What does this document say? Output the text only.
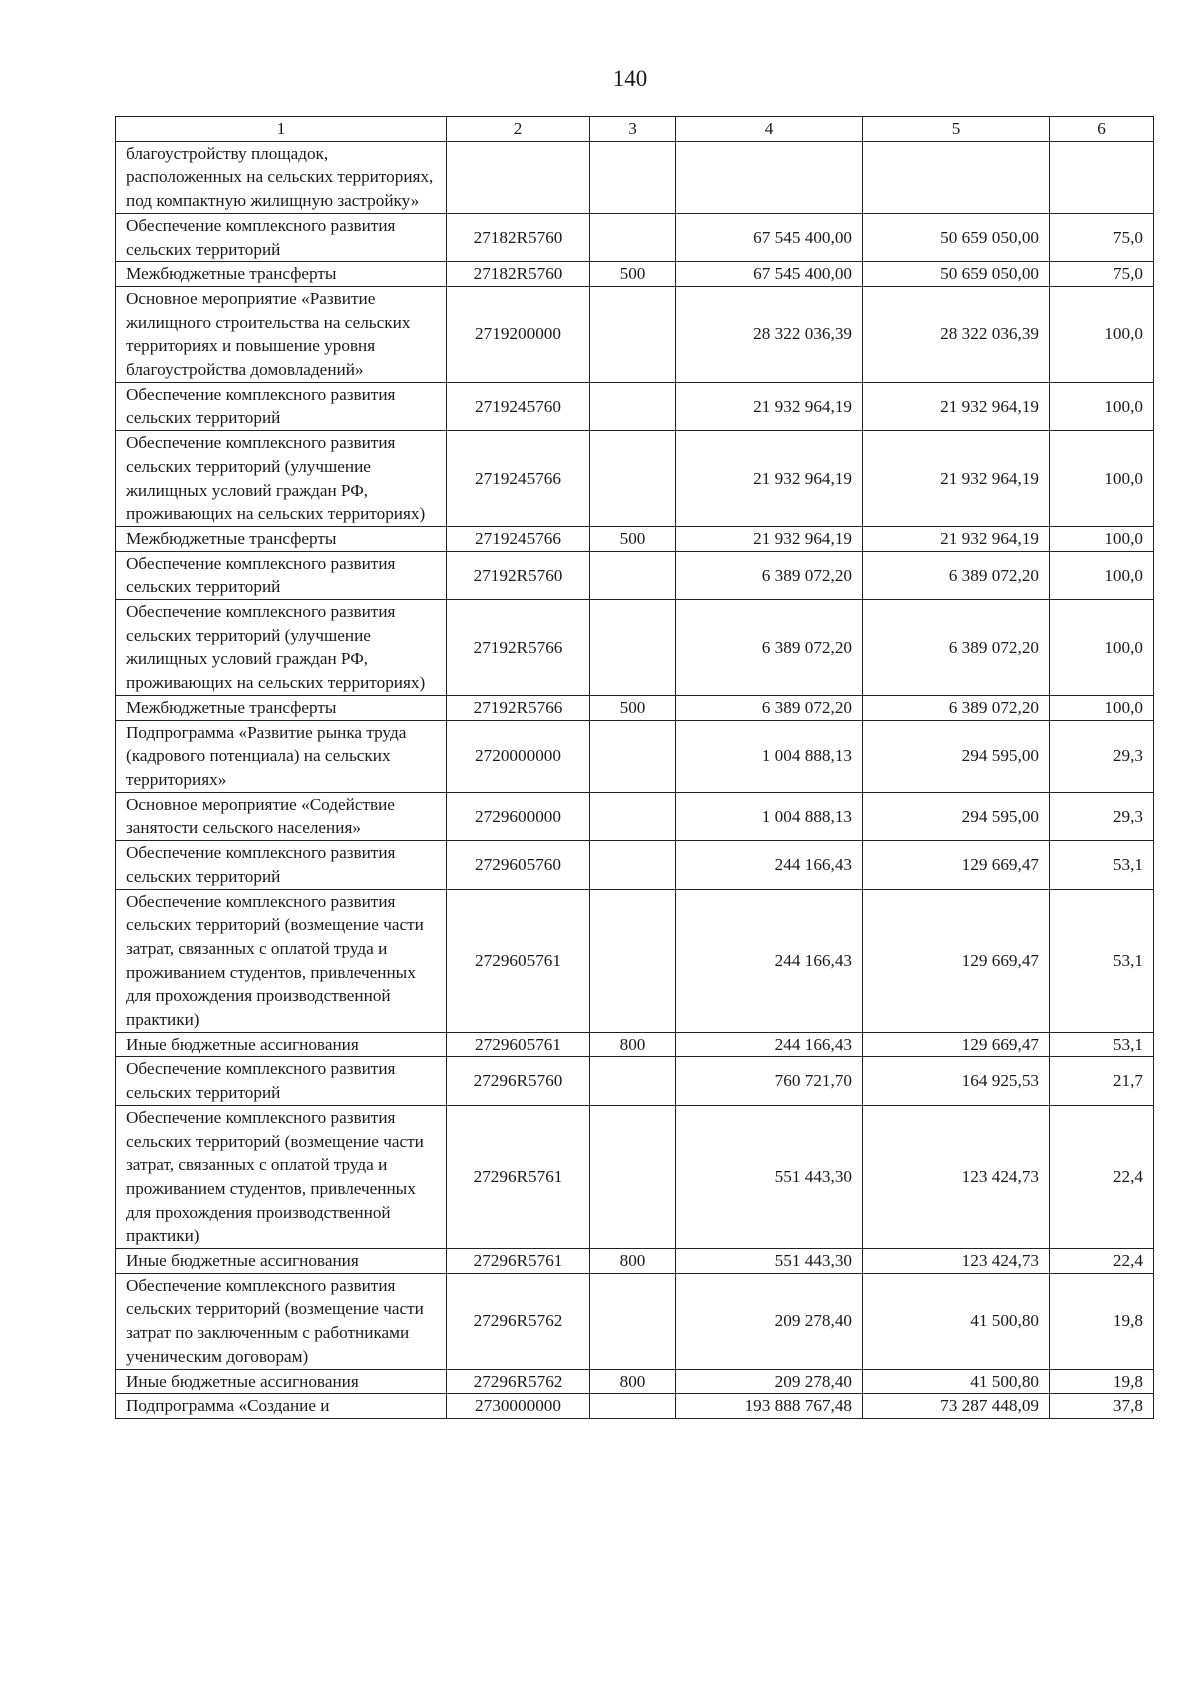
140
1	2	3	4	5	6
благоустройству площадок, расположенных на сельских территориях, под компактную жилищную застройку»					
Обеспечение комплексного развития сельских территорий	27182R5760		67 545 400,00	50 659 050,00	75,0
Межбюджетные трансферты	27182R5760	500	67 545 400,00	50 659 050,00	75,0
Основное мероприятие «Развитие жилищного строительства на сельских территориях и повышение уровня благоустройства домовладений»	2719200000		28 322 036,39	28 322 036,39	100,0
Обеспечение комплексного развития сельских территорий	2719245760		21 932 964,19	21 932 964,19	100,0
Обеспечение комплексного развития сельских территорий (улучшение жилищных условий граждан РФ, проживающих на сельских территориях)	2719245766		21 932 964,19	21 932 964,19	100,0
Межбюджетные трансферты	2719245766	500	21 932 964,19	21 932 964,19	100,0
Обеспечение комплексного развития сельских территорий	27192R5760		6 389 072,20	6 389 072,20	100,0
Обеспечение комплексного развития сельских территорий (улучшение жилищных условий граждан РФ, проживающих на сельских территориях)	27192R5766		6 389 072,20	6 389 072,20	100,0
Межбюджетные трансферты	27192R5766	500	6 389 072,20	6 389 072,20	100,0
Подпрограмма «Развитие рынка труда (кадрового потенциала) на сельских территориях»	2720000000		1 004 888,13	294 595,00	29,3
Основное мероприятие «Содействие занятости сельского населения»	2729600000		1 004 888,13	294 595,00	29,3
Обеспечение комплексного развития сельских территорий	2729605760		244 166,43	129 669,47	53,1
Обеспечение комплексного развития сельских территорий (возмещение части затрат, связанных с оплатой труда и проживанием студентов, привлеченных для прохождения производственной практики)	2729605761		244 166,43	129 669,47	53,1
Иные бюджетные ассигнования	2729605761	800	244 166,43	129 669,47	53,1
Обеспечение комплексного развития сельских территорий	27296R5760		760 721,70	164 925,53	21,7
Обеспечение комплексного развития сельских территорий (возмещение части затрат, связанных с оплатой труда и проживанием студентов, привлеченных для прохождения производственной практики)	27296R5761		551 443,30	123 424,73	22,4
Иные бюджетные ассигнования	27296R5761	800	551 443,30	123 424,73	22,4
Обеспечение комплексного развития сельских территорий (возмещение части затрат по заключенным с работниками ученическим договорам)	27296R5762		209 278,40	41 500,80	19,8
Иные бюджетные ассигнования	27296R5762	800	209 278,40	41 500,80	19,8
Подпрограмма «Создание и	2730000000		193 888 767,48	73 287 448,09	37,8
